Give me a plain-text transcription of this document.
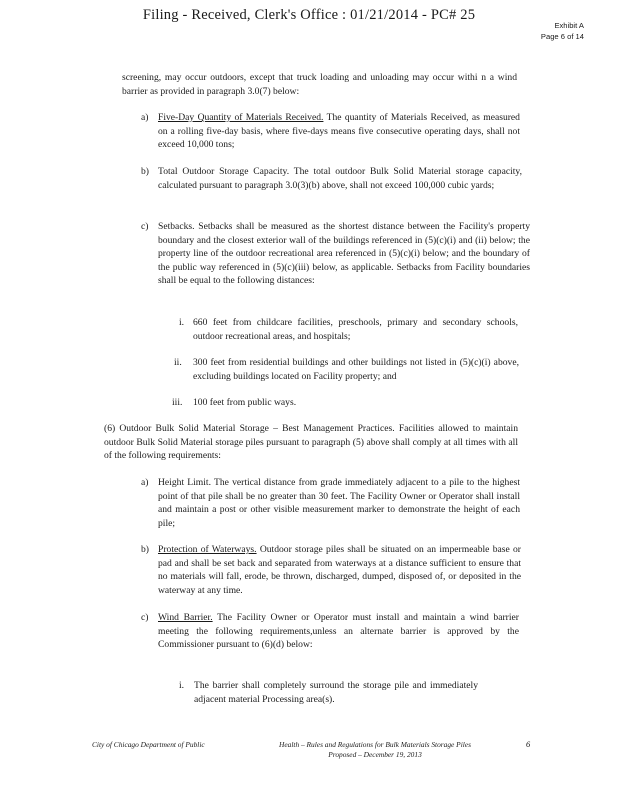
Filing - Received, Clerk's Office : 01/21/2014 - PC# 25
Exhibit A
Page 6 of 14
screening, may occur outdoors, except that truck loading and unloading may occur withi n a wind barrier as provided in paragraph 3.0(7) below:
a) Five-Day Quantity of Materials Received. The quantity of Materials Received, as measured on a rolling five-day basis, where five-days means five consecutive operating days, shall not exceed 10,000 tons;
b) Total Outdoor Storage Capacity. The total outdoor Bulk Solid Material storage capacity, calculated pursuant to paragraph 3.0(3)(b) above, shall not exceed 100,000 cubic yards;
c) Setbacks. Setbacks shall be measured as the shortest distance between the Facility's property boundary and the closest exterior wall of the buildings referenced in (5)(c)(i) and (ii) below; the property line of the outdoor recreational area referenced in (5)(c)(i) below; and the boundary of the public way referenced in (5)(c)(iii) below, as applicable. Setbacks from Facility boundaries shall be equal to the following distances:
i. 660 feet from childcare facilities, preschools, primary and secondary schools, outdoor recreational areas, and hospitals;
ii. 300 feet from residential buildings and other buildings not listed in (5)(c)(i) above, excluding buildings located on Facility property; and
iii. 100 feet from public ways.
(6) Outdoor Bulk Solid Material Storage – Best Management Practices. Facilities allowed to maintain outdoor Bulk Solid Material storage piles pursuant to paragraph (5) above shall comply at all times with all of the following requirements:
a) Height Limit. The vertical distance from grade immediately adjacent to a pile to the highest point of that pile shall be no greater than 30 feet. The Facility Owner or Operator shall install and maintain a post or other visible measurement marker to demonstrate the height of each pile;
b) Protection of Waterways. Outdoor storage piles shall be situated on an impermeable base or pad and shall be set back and separated from waterways at a distance sufficient to ensure that no materials will fall, erode, be thrown, discharged, dumped, disposed of, or deposited in the waterway at any time.
c) Wind Barrier. The Facility Owner or Operator must install and maintain a wind barrier meeting the following requirements,unless an alternate barrier is approved by the Commissioner pursuant to (6)(d) below:
i. The barrier shall completely surround the storage pile and immediately adjacent material Processing area(s).
City of Chicago Department of Public	Health – Rules and Regulations for Bulk Materials Storage Piles
Proposed – December 19, 2013
6
